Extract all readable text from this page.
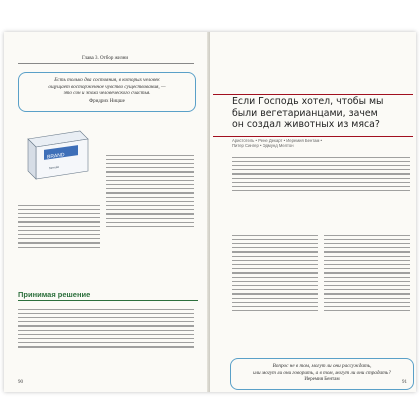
Глава 3. Отбор жизни
Есть только два состояния, в которых человек
ощущает восторженное чувство существования, —
это сон и эпоха человеческого счастья.
Фридрих Ницше
BRAND
formula
Принимая решение
90
Если Господь хотел, чтобы мы
были вегетарианцами, зачем
он создал животных из мяса?
Аристотель • Рене Декарт • Иеремия Бентам •
Питер Сингер • Эдмунд Мелтон
Вопрос не в том, могут ли они рассуждать,
или могут ли они говорить, а в том, могут ли они страдать?
Иеремия Бентам
91
